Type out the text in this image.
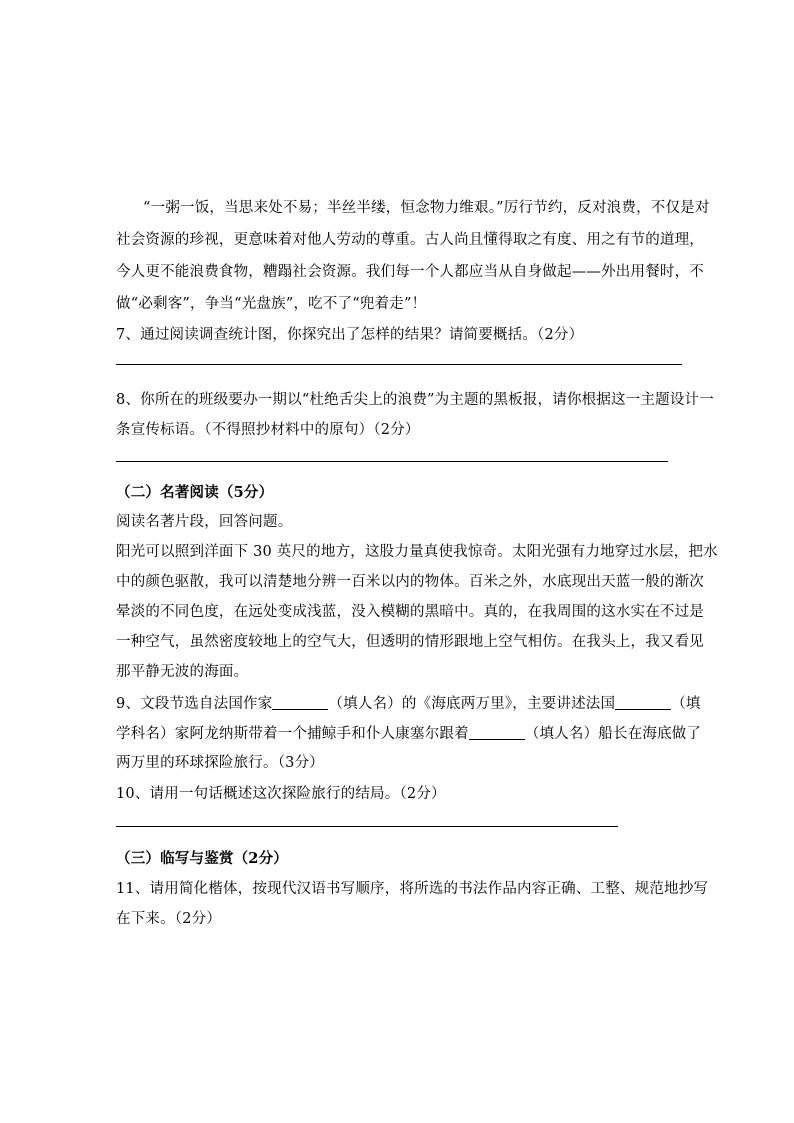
“一粥一饭，当思来处不易；半丝半缕，恒念物力维艰。”厉行节约，反对浪费，不仅是对
社会资源的珍视，更意味着对他人劳动的尊重。古人尚且懂得取之有度、用之有节的道理，
今人更不能浪费食物，糟蹋社会资源。我们每一个人都应当从自身做起——外出用餐时，不
做“必剩客”，争当“光盘族”，吃不了“兜着走”！
7、通过阅读调查统计图，你探究出了怎样的结果？请简要概括。（2分）
8、你所在的班级要办一期以“杜绝舌尖上的浪费”为主题的黑板报，请你根据这一主题设计一
条宣传标语。（不得照抄材料中的原句）（2分）
（二）名著阅读（5分）
阅读名著片段，回答问题。
阳光可以照到洋面下 30 英尺的地方，这股力量真使我惊奇。太阳光强有力地穿过水层，把水
中的颜色驱散，我可以清楚地分辨一百米以内的物体。百米之外，水底现出天蓝一般的渐次
晕淡的不同色度，在远处变成浅蓝，没入模糊的黑暗中。真的，在我周围的这水实在不过是
一种空气，虽然密度较地上的空气大，但透明的情形跟地上空气相仿。在我头上，我又看见
那平静无波的海面。
9、文段节选自法国作家	（填人名）的《海底两万里》，主要讲述法国	（填
学科名）家阿龙纳斯带着一个捕鲸手和仆人康塞尔跟着	（填人名）船长在海底做了
两万里的环球探险旅行。（3分）
10、请用一句话概述这次探险旅行的结局。（2分）
（三）临写与鉴赏（2分）
11、请用简化楷体，按现代汉语书写顺序，将所选的书法作品内容正确、工整、规范地抄写
在下来。（2分）
